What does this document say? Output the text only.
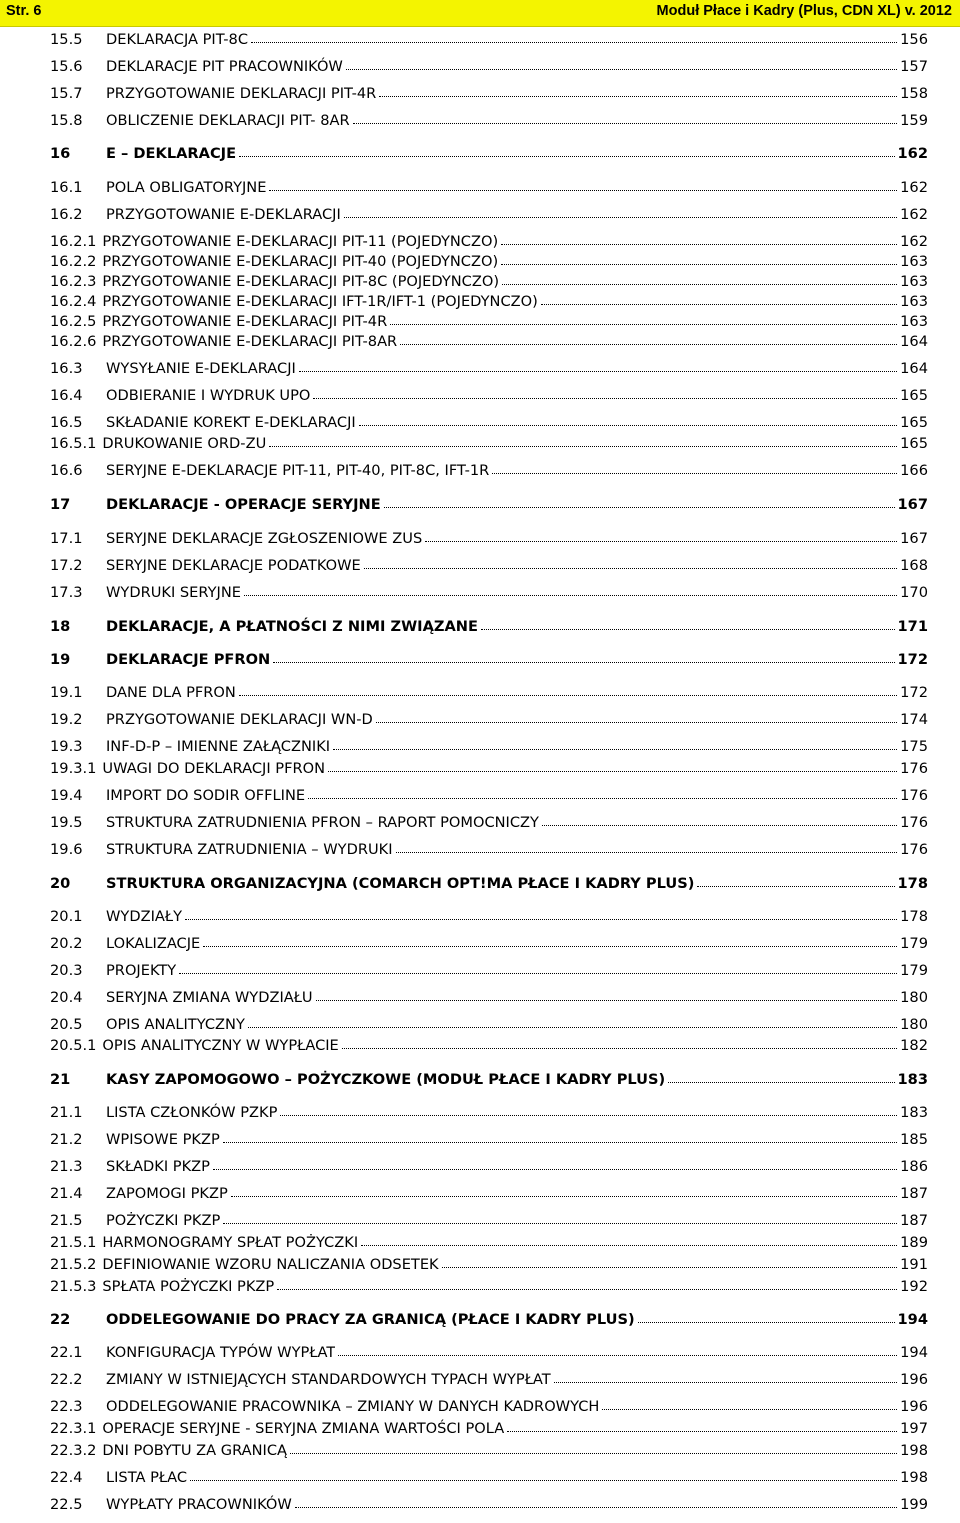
Str. 6	Moduł Płace i Kadry (Plus, CDN XL) v. 2012
15.5 DEKLARACJA PIT-8C	156
15.6 DEKLARACJE PIT PRACOWNIKÓW	157
15.7 PRZYGOTOWANIE DEKLARACJI PIT-4R	158
15.8 OBLICZENIE DEKLARACJI PIT- 8AR	159
16 E – DEKLARACJE	162
16.1 POLA OBLIGATORYJNE	162
16.2 PRZYGOTOWANIE E-DEKLARACJI	162
16.2.1 PRZYGOTOWANIE E-DEKLARACJI PIT-11 (POJEDYNCZO)	162
16.2.2 PRZYGOTOWANIE E-DEKLARACJI PIT-40 (POJEDYNCZO)	163
16.2.3 PRZYGOTOWANIE E-DEKLARACJI PIT-8C (POJEDYNCZO)	163
16.2.4 PRZYGOTOWANIE E-DEKLARACJI IFT-1R/IFT-1 (POJEDYNCZO)	163
16.2.5 PRZYGOTOWANIE E-DEKLARACJI PIT-4R	163
16.2.6 PRZYGOTOWANIE E-DEKLARACJI PIT-8AR	164
16.3 WYSYŁANIE E-DEKLARACJI	164
16.4 ODBIERANIE I WYDRUK UPO	165
16.5 SKŁADANIE KOREKT E-DEKLARACJI	165
16.5.1 DRUKOWANIE ORD-ZU	165
16.6 SERYJNE E-DEKLARACJE PIT-11, PIT-40, PIT-8C, IFT-1R	166
17 DEKLARACJE - OPERACJE SERYJNE	167
17.1 SERYJNE DEKLARACJE ZGŁOSZENIOWE ZUS	167
17.2 SERYJNE DEKLARACJE PODATKOWE	168
17.3 WYDRUKI SERYJNE	170
18 DEKLARACJE, A PŁATNOŚCI Z NIMI ZWIĄZANE	171
19 DEKLARACJE PFRON	172
19.1 DANE DLA PFRON	172
19.2 PRZYGOTOWANIE DEKLARACJI WN-D	174
19.3 INF-D-P – IMIENNE ZAŁĄCZNIKI	175
19.3.1 UWAGI DO DEKLARACJI PFRON	176
19.4 IMPORT DO SODIR OFFLINE	176
19.5 STRUKTURA ZATRUDNIENIA PFRON – RAPORT POMOCNICZY	176
19.6 STRUKTURA ZATRUDNIENIA – WYDRUKI	176
20 STRUKTURA ORGANIZACYJNA (COMARCH OPT!MA PŁACE I KADRY PLUS)	178
20.1 WYDZIAŁY	178
20.2 LOKALIZACJE	179
20.3 PROJEKTY	179
20.4 SERYJNA ZMIANA WYDZIAŁU	180
20.5 OPIS ANALITYCZNY	180
20.5.1 OPIS ANALITYCZNY W WYPŁACIE	182
21 KASY ZAPOMOGOWO – POŻYCZKOWE (MODUŁ PŁACE I KADRY PLUS)	183
21.1 LISTA CZŁONKÓW PZKP	183
21.2 WPISOWE PKZP	185
21.3 SKŁADKI PKZP	186
21.4 ZAPOMOGI PKZP	187
21.5 POŻYCZKI PKZP	187
21.5.1 HARMONOGRAMY SPŁAT POŻYCZKI	189
21.5.2 DEFINIOWANIE WZORU NALICZANIA ODSETEK	191
21.5.3 SPŁATA POŻYCZKI PKZP	192
22 ODDELEGOWANIE DO PRACY ZA GRANICĄ (PŁACE I KADRY PLUS)	194
22.1 KONFIGURACJA TYPÓW WYPŁAT	194
22.2 ZMIANY W ISTNIEJĄCYCH STANDARDOWYCH TYPACH WYPŁAT	196
22.3 ODDELEGOWANIE PRACOWNIKA – ZMIANY W DANYCH KADROWYCH	196
22.3.1 OPERACJE SERYJNE - SERYJNA ZMIANA WARTOŚCI POLA	197
22.3.2 DNI POBYTU ZA GRANICĄ	198
22.4 LISTA PŁAC	198
22.5 WYPŁATY PRACOWNIKÓW	199
